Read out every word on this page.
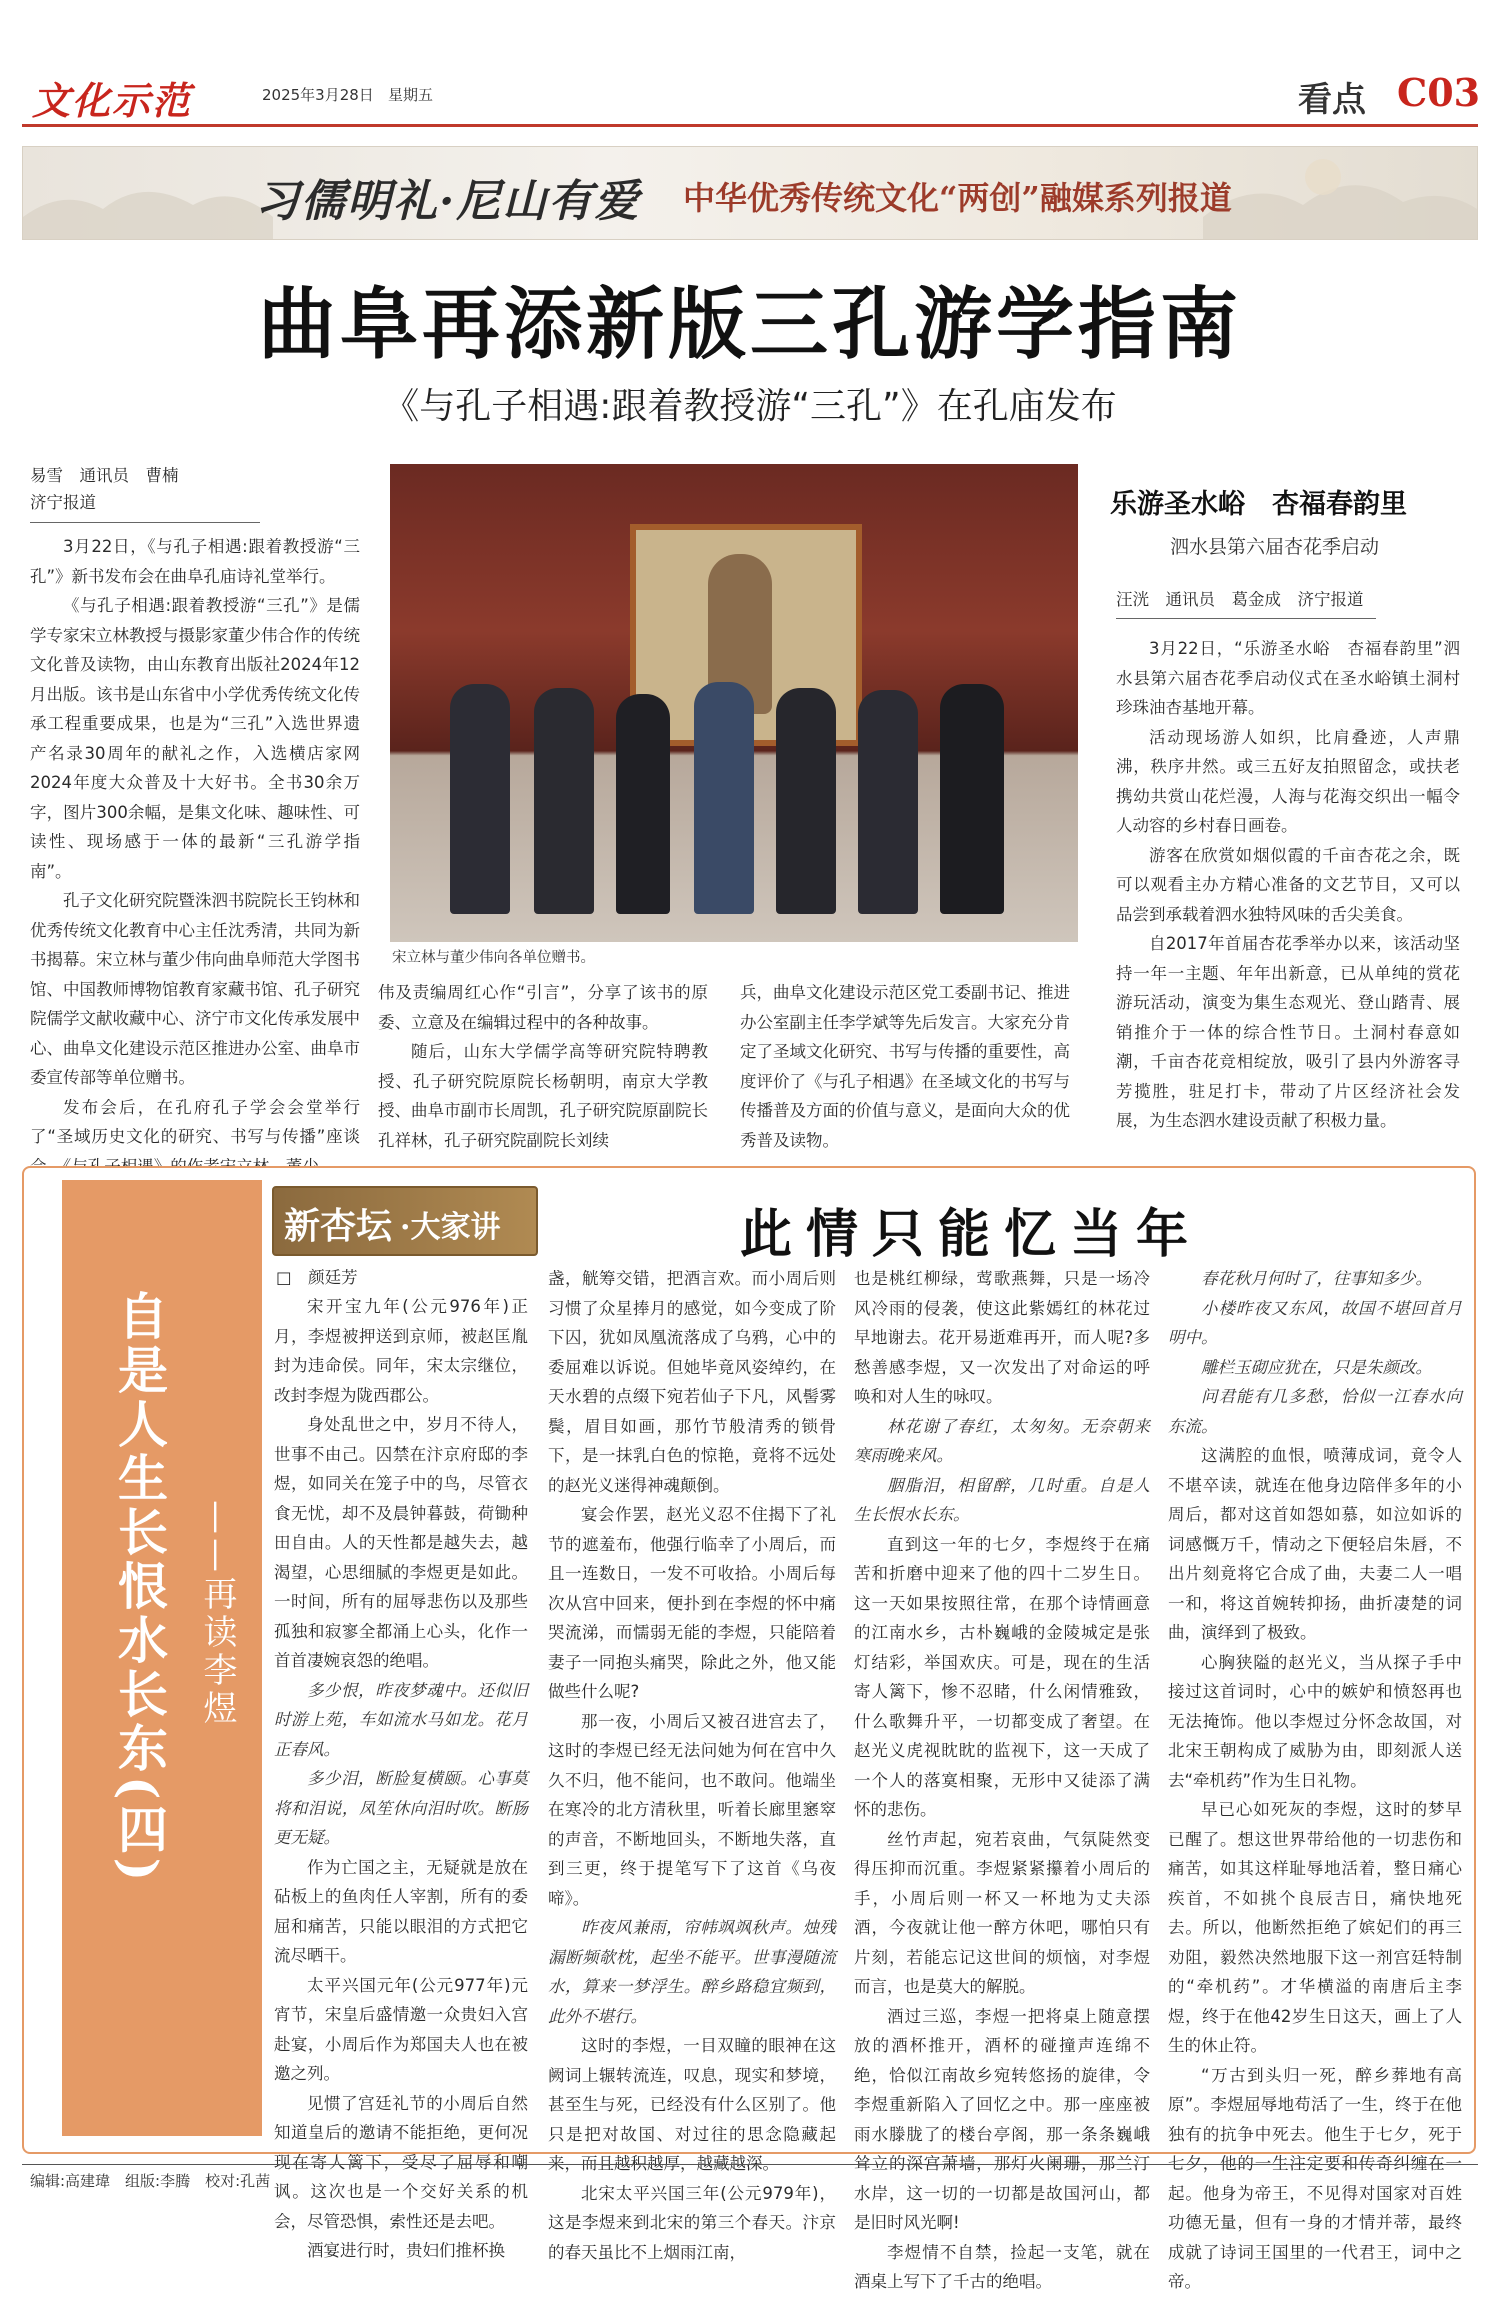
文化示范	2025年3月28日 星期五	看点 C03
习儒明礼·尼山有爱 中华优秀传统文化“两创”融媒系列报道
曲阜再添新版三孔游学指南
《与孔子相遇:跟着教授游“三孔”》在孔庙发布
易雪　通讯员　曹楠
济宁报道

3月22日，《与孔子相遇:跟着教授游“三孔”》新书发布会在曲阜孔庙诗礼堂举行。

《与孔子相遇:跟着教授游“三孔”》是儒学专家宋立林教授与摄影家董少伟合作的传统文化普及读物，由山东教育出版社2024年12月出版。该书是山东省中小学优秀传统文化传承工程重要成果，也是为“三孔”入选世界遗产名录30周年的献礼之作，入选横店家网2024年度大众普及十大好书。全书30余万字，图片300余幅，是集文化味、趣味性、可读性、现场感于一体的最新“三孔游学指南”。

孔子文化研究院暨洙泗书院院长王钧林和优秀传统文化教育中心主任沈秀清，共同为新书揭幕。宋立林与董少伟向曲阜师范大学图书馆、中国教师博物馆教育家藏书馆、孔子研究院儒学文献收藏中心、济宁市文化传承发展中心、曲阜文化建设示范区推进办公室、曲阜市委宣传部等单位赠书。

发布会后，在孔府孔子学会会堂举行了“圣域历史文化的研究、书写与传播”座谈

宋立林与董少伟向各单位赠书。

伟及责编周红心作“引言”，分享了该书的原委、立意及在编辑过程中的各种故事。

随后，山东大学儒学高等研究院特聘教授、孔子研究院原院长杨朝明，南京大学教授、曲阜市副市长周凯，孔子研究院原副院长孔祥林，孔子研究院副院长刘续

兵，曲阜文化建设示范区党工委副书记、推进办公室副主任李学斌等先后发言。大家充分肯定了圣域文化研究、书写与传播的重要性，高度评价了《与孔子相遇》在圣域文化的书写与传播普及方面的价值与意义，是面向大众的优秀普及读物。

乐游圣水峪　杏福春韵里
泗水县第六届杏花季启动
汪洸　通讯员　葛金成　济宁报道

3月22日，“乐游圣水峪　杏福春韵里”泗水县第六届杏花季启动仪式在圣水峪镇土洞村珍珠油杏基地开幕。

活动现场游人如织，比肩叠迹，人声鼎沸，秩序井然。或三五好友拍照留念，或扶老携幼共赏山花烂漫，人海与花海交织出一幅令人动容的乡村春日画卷。

游客在欣赏如烟似霞的千亩杏花之余，既可以观看主办方精心准备的文艺节目，又可以品尝到承载着泗水独特风味的舌尖美食。

自2017年首届杏花季举办以来，该活动坚持一年一主题、年年出新意，已从单纯的赏花游玩活动，演变为集生态观光、登山踏青、展销推介于一体的综合性节日。土洞村春意如潮，千亩杏花竞相绽放，吸引了县内外游客寻芳揽胜，驻足打卡，带动了片区经济社会发展，为生态泗水建设贡献了积极力量。

自是人生长恨水长东(四) ——再读李煜
新杏坛 ·大家讲	此情只能忆当年
□　颜廷芳

宋开宝九年(公元976年)正月，李煜被押送到京师，被赵匡胤封为违命侯。同年，宋太宗继位，改封李煜为陇西郡公。

身处乱世之中，岁月不待人，世事不由己。囚禁在汴京府邸的李煜，如同关在笼子中的鸟，尽管衣食无忧，却不及晨钟暮鼓，荷锄种田自由。人的天性都是越失去，越渴望，心思细腻的李煜更是如此。一时间，所有的屈辱悲伤以及那些孤独和寂寥全都涌上心头，化作一首首凄婉哀怨的绝唱。

多少恨，昨夜梦魂中。还似旧时游上苑，车如流水马如龙。花月正春风。

多少泪，断脸复横颐。心事莫将和泪说，凤笙休向泪时吹。断肠更无疑。

作为亡国之主，无疑就是放在砧板上的鱼肉任人宰割，所有的委屈和痛苦，只能以眼泪的方式把它流尽晒干。

太平兴国元年(公元977年)元宵节，宋皇后盛情邀一众贵妇入宫赴宴，小周后作为郑国夫人也在被邀之列。

见惯了宫廷礼节的小周后自然知道皇后的邀请不能拒绝，更何况现在寄人篱下，受尽了屈辱和嘲讽。这次也是一个交好关系的机会，尽管恐惧，索性还是去吧。

酒宴进行时，贵妇们推杯换

盏，觥筹交错，把酒言欢。而小周后则习惯了众星捧月的感觉，如今变成了阶下囚，犹如凤凰流落成了乌鸦，心中的委屈难以诉说。但她毕竟风姿绰约，在天水碧的点缀下宛若仙子下凡，风髻雾鬓，眉目如画，那竹节般清秀的锁骨下，是一抹乳白色的惊艳，竟将不远处的赵光义迷得神魂颠倒。

宴会作罢，赵光义忍不住揭下了礼节的遮羞布，他强行临幸了小周后，而且一连数日，一发不可收拾。小周后每次从宫中回来，便扑到在李煜的怀中痛哭流涕，而懦弱无能的李煜，只能陪着妻子一同抱头痛哭，除此之外，他又能做些什么呢?

那一夜，小周后又被召进宫去了，这时的李煜已经无法问她为何在宫中久久不归，他不能问，也不敢问。他端坐在寒冷的北方清秋里，听着长廊里窸窣的声音，不断地回头，不断地失落，直到三更，终于提笔写下了这首《乌夜啼》。

昨夜风兼雨，帘帏飒飒秋声。烛残漏断频欹枕，起坐不能平。世事漫随流水，算来一梦浮生。醉乡路稳宜频到，此外不堪行。

这时的李煜，一目双瞳的眼神在这阙词上辗转流连，叹息，现实和梦境，甚至生与死，已经没有什么区别了。他只是把对故国、对过往的思念隐藏起来，而且越积越厚，越藏越深。

北宋太平兴国三年(公元979年)，这是李煜来到北宋的第三个春天。汴京的春天虽比不上烟雨江南，

也是桃红柳绿，莺歌燕舞，只是一场冷风冷雨的侵袭，使这此紫嫣红的林花过早地谢去。花开易逝难再开，而人呢?多愁善感李煜，又一次发出了对命运的呼唤和对人生的咏叹。

林花谢了春红，太匆匆。无奈朝来寒雨晚来风。

胭脂泪，相留醉，几时重。自是人生长恨水长东。

直到这一年的七夕，李煜终于在痛苦和折磨中迎来了他的四十二岁生日。这一天如果按照往常，在那个诗情画意的江南水乡，古朴巍峨的金陵城定是张灯结彩，举国欢庆。可是，现在的生活寄人篱下，惨不忍睹，什么闲情雅致，什么歌舞升平，一切都变成了奢望。在赵光义虎视眈眈的监视下，这一天成了一个人的落寞相聚，无形中又徒添了满怀的悲伤。

丝竹声起，宛若哀曲，气氛陡然变得压抑而沉重。李煜紧紧攥着小周后的手，小周后则一杯又一杯地为丈夫添酒，今夜就让他一醉方休吧，哪怕只有片刻，若能忘记这世间的烦恼，对李煜而言，也是莫大的解脱。

酒过三巡，李煜一把将桌上随意摆放的酒杯推开，酒杯的碰撞声连绵不绝，恰似江南故乡宛转悠扬的旋律，令李煜重新陷入了回忆之中。那一座座被雨水滕胧了的楼台亭阁，那一条条巍峨耸立的深宫萧墙，那灯火阑珊，那兰汀水岸，这一切的一切都是故国河山，都是旧时风光啊!

李煜情不自禁，捡起一支笔，就在酒桌上写下了千古的绝唱。

春花秋月何时了，往事知多少。

小楼昨夜又东风，故国不堪回首月明中。

雕栏玉砌应犹在，只是朱颜改。

问君能有几多愁，恰似一江春水向东流。

这满腔的血恨，喷薄成词，竟令人不堪卒读，就连在他身边陪伴多年的小周后，都对这首如怨如慕，如泣如诉的词感慨万千，情动之下便轻启朱唇，不出片刻竟将它合成了曲，夫妻二人一唱一和，将这首婉转抑扬，曲折凄楚的词曲，演绎到了极致。

心胸狭隘的赵光义，当从探子手中接过这首词时，心中的嫉妒和愤怒再也无法掩饰。他以李煜过分怀念故国，对北宋王朝构成了威胁为由，即刻派人送去“牵机药”作为生日礼物。

早已心如死灰的李煜，这时的梦早已醒了。想这世界带给他的一切悲伤和痛苦，如其这样耻辱地活着，整日痛心疾首，不如挑个良辰吉日，痛快地死去。所以，他断然拒绝了嫔妃们的再三劝阻，毅然决然地服下这一剂宫廷特制的“牵机药”。才华横溢的南唐后主李煜，终于在他42岁生日这天，画上了人生的休止符。

“万古到头归一死，醉乡葬地有高原”。李煜屈辱地苟活了一生，终于在他独有的抗争中死去。他生于七夕，死于七夕，他的一生注定要和传奇纠缠在一起。他身为帝王，不见得对国家对百姓功德无量，但有一身的才情并蒂，最终成就了诗词王国里的一代君王，词中之帝。

编辑:高建瑋　组版:李腾　校对:孔茜
